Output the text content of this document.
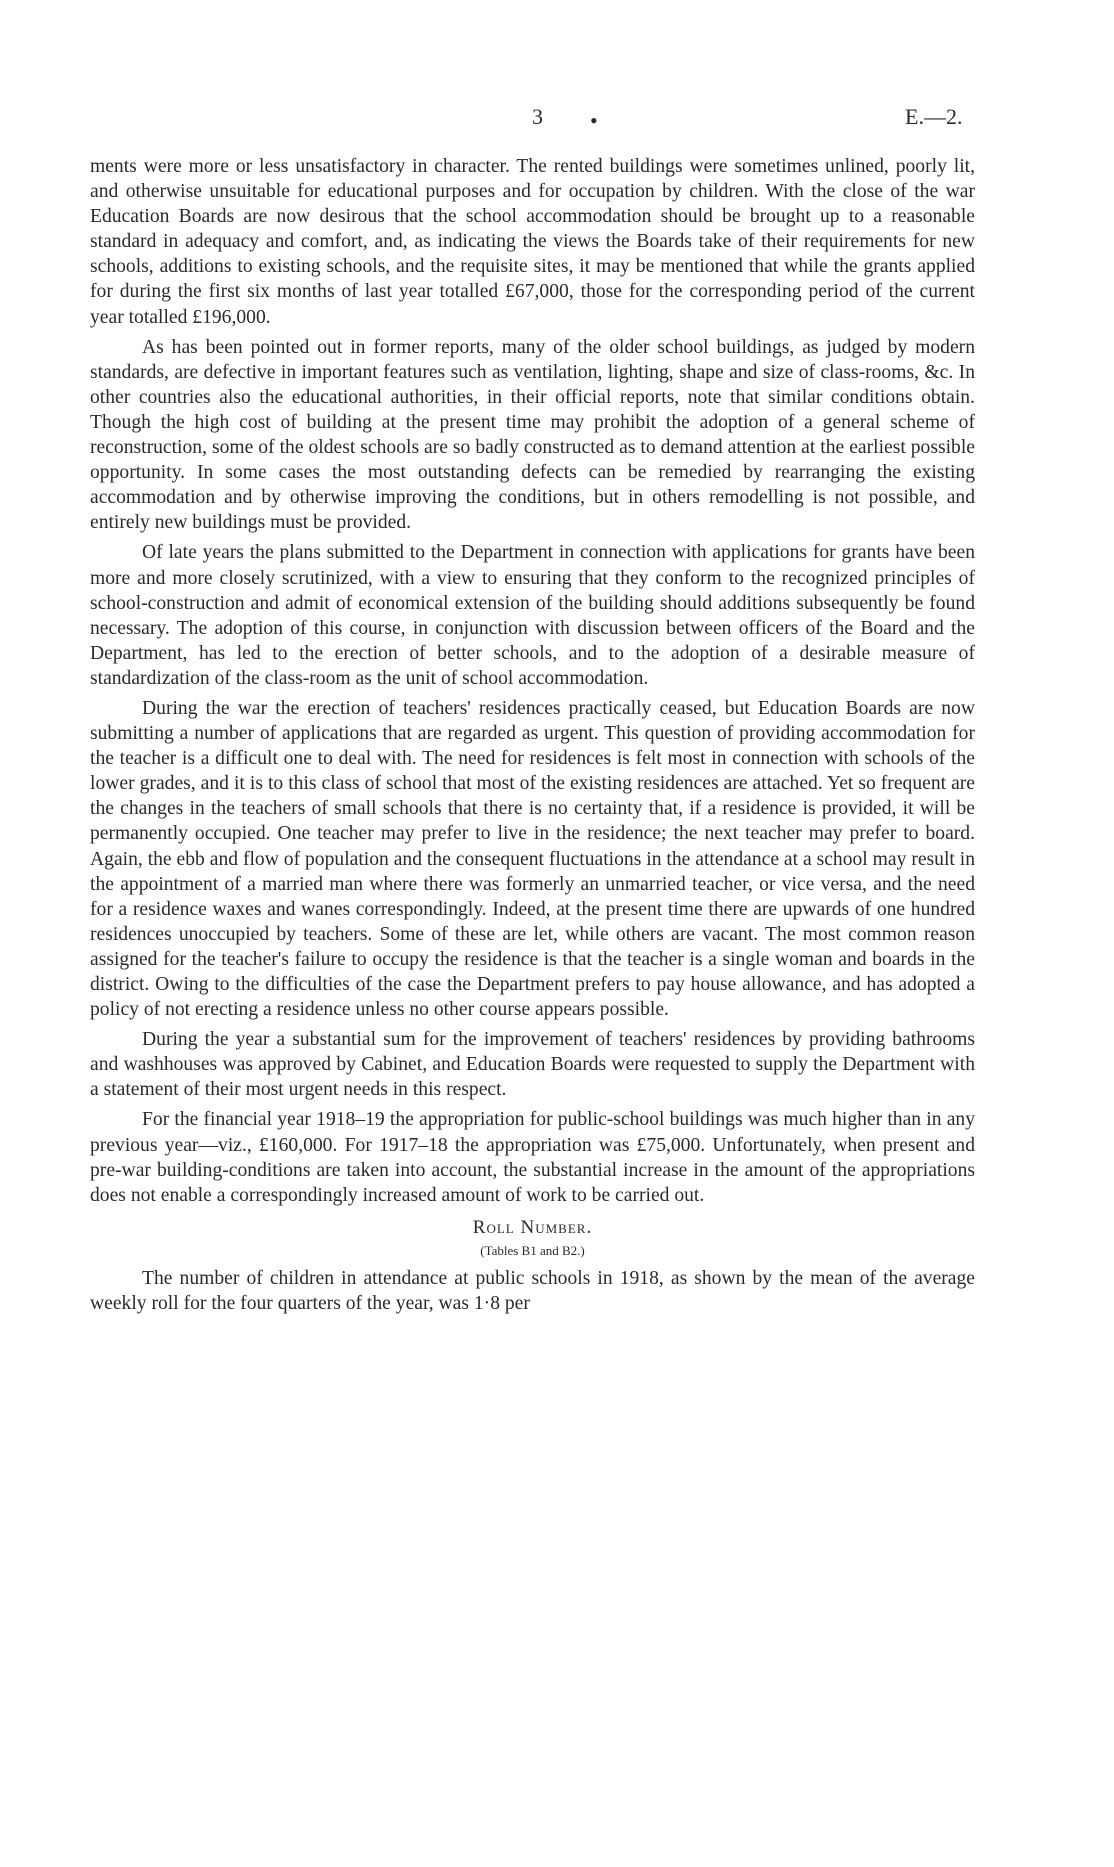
3 •	E.—2.

ments were more or less unsatisfactory in character. The rented buildings were sometimes unlined, poorly lit, and otherwise unsuitable for educational purposes and for occupation by children. With the close of the war Education Boards are now desirous that the school accommodation should be brought up to a reasonable standard in adequacy and comfort, and, as indicating the views the Boards take of their requirements for new schools, additions to existing schools, and the requisite sites, it may be mentioned that while the grants applied for during the first six months of last year totalled £67,000, those for the corresponding period of the current year totalled £196,000.

As has been pointed out in former reports, many of the older school buildings, as judged by modern standards, are defective in important features such as ventilation, lighting, shape and size of class-rooms, &c. In other countries also the educational authorities, in their official reports, note that similar conditions obtain. Though the high cost of building at the present time may prohibit the adoption of a general scheme of reconstruction, some of the oldest schools are so badly constructed as to demand attention at the earliest possible opportunity. In some cases the most outstanding defects can be remedied by rearranging the existing accommodation and by otherwise improving the conditions, but in others remodelling is not possible, and entirely new buildings must be provided.

Of late years the plans submitted to the Department in connection with applications for grants have been more and more closely scrutinized, with a view to ensuring that they conform to the recognized principles of school-construction and admit of economical extension of the building should additions subsequently be found necessary. The adoption of this course, in conjunction with discussion between officers of the Board and the Department, has led to the erection of better schools, and to the adoption of a desirable measure of standardization of the class-room as the unit of school accommodation.

During the war the erection of teachers' residences practically ceased, but Education Boards are now submitting a number of applications that are regarded as urgent. This question of providing accommodation for the teacher is a difficult one to deal with. The need for residences is felt most in connection with schools of the lower grades, and it is to this class of school that most of the existing residences are attached. Yet so frequent are the changes in the teachers of small schools that there is no certainty that, if a residence is provided, it will be permanently occupied. One teacher may prefer to live in the residence; the next teacher may prefer to board. Again, the ebb and flow of population and the consequent fluctuations in the attendance at a school may result in the appointment of a married man where there was formerly an unmarried teacher, or vice versa, and the need for a residence waxes and wanes correspondingly. Indeed, at the present time there are upwards of one hundred residences unoccupied by teachers. Some of these are let, while others are vacant. The most common reason assigned for the teacher's failure to occupy the residence is that the teacher is a single woman and boards in the district. Owing to the difficulties of the case the Department prefers to pay house allowance, and has adopted a policy of not erecting a residence unless no other course appears possible.

During the year a substantial sum for the improvement of teachers' residences by providing bathrooms and washhouses was approved by Cabinet, and Education Boards were requested to supply the Department with a statement of their most urgent needs in this respect.

For the financial year 1918–19 the appropriation for public-school buildings was much higher than in any previous year—viz., £160,000. For 1917–18 the appropriation was £75,000. Unfortunately, when present and pre-war building-conditions are taken into account, the substantial increase in the amount of the appropriations does not enable a correspondingly increased amount of work to be carried out.

Roll Number.
(Tables B1 and B2.)

The number of children in attendance at public schools in 1918, as shown by the mean of the average weekly roll for the four quarters of the year, was 1·8 per
